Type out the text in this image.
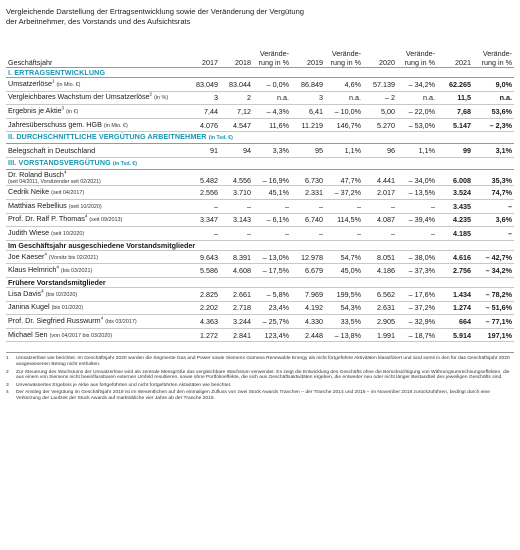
Vergleichende Darstellung der Ertragsentwicklung sowie der Veränderung der Vergütung
der Arbeitnehmer, des Vorstands und des Aufsichtsrats
Geschäftsjahr	2017	2018	Verände-rung in %	2019	Verände-rung in %	2020	Verände-rung in %	2021	Verände-rung in %
I. ERTRAGSENTWICKLUNG									
Umsatzerlöse$^1$ (in Mio. €)	83.049	83.044	– 0,0%	86.849	4,6%	57.139	– 34,2%	62.265	9,0%
Vergleichbares Wachstum der Umsatzerlöse$^2$ (in %)	3	2	n.a.	3	n.a.	– 2	n.a.	11,5	n.a.
Ergebnis je Aktie$^3$ (in €)	7,44	7,12	– 4,3%	6,41	– 10,0%	5,00	– 22,0%	7,68	53,6%
Jahresüberschuss gem. HGB (in Mio. €)	4.076	4.547	11,6%	11.219	146,7%	5.270	– 53,0%	5.147	– 2,3%
II. DURCHSCHNITTLICHE VERGÜTUNG ARBEITNEHMER (in Tsd. €)									
Belegschaft in Deutschland	91	94	3,3%	95	1,1%	96	1,1%	99	3,1%
III. VORSTANDSVERGÜTUNG (in Tsd. €)									
Dr. Roland Busch$^4$
(seit 04/2011, Vorsitzender seit 02/2021)	5.482	4.556	– 16,9%	6.730	47,7%	4.441	– 34,0%	6.008	35,3%
Cedrik Neike (seit 04/2017)	2.556	3.710	45,1%	2.331	– 37,2%	2.017	– 13,5%	3.524	74,7%
Matthias Rebellius (seit 10/2020)	–	–	–	–	–	–	–	3.435	–
Prof. Dr. Ralf P. Thomas$^4$ (seit 09/2013)	3.347	3.143	– 6,1%	6.740	114,5%	4.087	– 39,4%	4.235	3,6%
Judith Wiese (seit 10/2020)	–	–	–	–	–	–	–	4.185	–
Im Geschäftsjahr ausgeschiedene Vorstandsmitglieder									
Joe Kaeser$^4$ (Vorsitz bis 02/2021)	9.643	8.391	– 13,0%	12.978	54,7%	8.051	– 38,0%	4.616	– 42,7%
Klaus Helmrich$^4$ (bis 03/2021)	5.586	4.608	– 17,5%	6.679	45,0%	4.186	– 37,3%	2.756	– 34,2%
Frühere Vorstandsmitglieder									
Lisa Davis$^4$ (bis 02/2020)	2.825	2.661	– 5,8%	7.969	199,5%	6.562	– 17,6%	1.434	– 78,2%
Janina Kugel (bis 01/2020)	2.202	2.718	23,4%	4.192	54,3%	2.631	– 37,2%	1.274	– 51,6%
Prof. Dr. Siegfried Russwurm$^4$ (bis 03/2017)	4.363	3.244	– 25,7%	4.330	33,5%	2.905	– 32,9%	664	– 77,1%
Michael Sen (von 04/2017 bis 03/2020)	1.272	2.841	123,4%	2.448	– 13,8%	1.991	– 18,7%	5.914	197,1%
1	Umsatzerlöse wie berichtet. Im Geschäftsjahr 2020 wurden die Segmente Gas and Power sowie Siemens Gamesa Renewable Energy als nicht fortgeführte Aktivitäten klassifiziert und sind somit in den für das Geschäftsjahr 2020 ausgewiesenen Betrag nicht enthalten.
2	Zur Steuerung des Wachstums der Umsatzerlöse wird als zentrale Messgröße das vergleichbare Wachstum verwendet. Es zeigt die Entwicklung des Geschäfts ohne die Berücksichtigung von Währungsumrechnungseffekten, die aus einem von Siemens nicht beeinflussbaren externen Umfeld resultieren, sowie ohne Portfolioeffekte, die sich aus Geschäftsaktivitäten ergeben, die entweder neu oder nicht länger Bestandteil des jeweiligen Geschäfts sind.
3	Unverwässertes Ergebnis je Aktie aus fortgeführten und nicht fortgeführten Aktivitäten wie berichtet.
4	Der Anstieg der Vergütung im Geschäftsjahr 2019 ist im Wesentlichen auf den einmaligen Zufluss von zwei Stock Awards Tranchen – der Tranche 2014 und 2015 – im November 2018 zurückzuführen, bedingt durch eine Verkürzung der Laufzeit der Stock Awards auf marktübliche vier Jahre ab der Tranche 2015.
